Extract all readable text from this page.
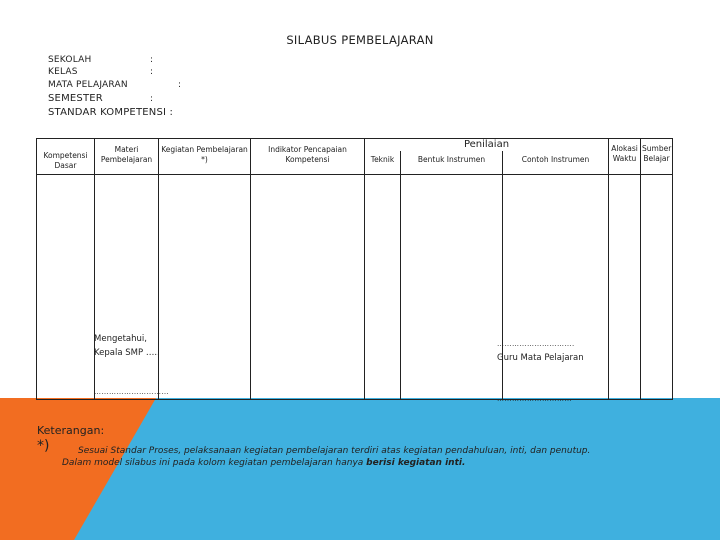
SILABUS PEMBELAJARAN
SEKOLAH	:
KELAS	:
MATA PELAJARAN	:
SEMESTER	:
STANDAR KOMPETENSI :
Kompetensi Dasar	Materi Pembelajaran	Kegiatan Pembelajaran *)	Indikator Pencapaian Kompetensi	Penilaian			Alokasi Waktu	Sumber Belajar
				Teknik	Bentuk Instrumen	Contoh Instrumen		

Mengetahui,
Kepala SMP …..
…………………………
………………………….
Guru Mata Pelajaran
…………………………
Keterangan:
*)	Sesuai Standar Proses, pelaksanaan kegiatan pembelajaran terdiri atas kegiatan pendahuluan, inti, dan penutup.
Dalam model silabus ini pada kolom kegiatan pembelajaran hanya berisi kegiatan inti.
